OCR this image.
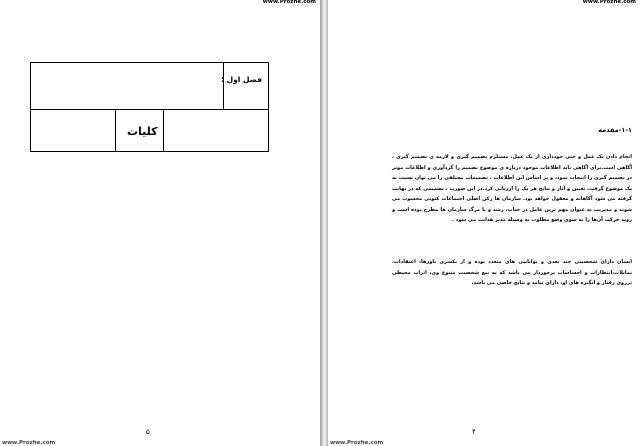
www.Prozhe.com
فصل اول :
کلیات
۵
www.Prozhe.com
www.Prozhe.com
۱-۱-مقدمه
انجام دادن یک عمل و حتی خودداری از یک عمل، مستلزم تصمیم گیری و لازمه ی تصمیم گیری ، آگاهی است.برای آگاهی باید اطلاعات موجود درباره ی موضوع تصمیم را گردآوری و اطلاعات موثر در تصمیم گیری را انتخاب نمود، و بر اساس این اطلاعات ، تصمیمات مختلفی را می توان نسبت به یک موضوع گرفت، تعیین و آثار و نتایج هر یک را ارزیابی کرد.در این صورت ، تصمیمی که در نهایت گرفته می شود آگاهانه و معقول خواهد بود. سازمان ها رکن اصلی اجتماعات کنونی محسوب می شوند و مدیریت به عنوان مهم ترین عامل در حیات، رشد و یا مرگ سازمان ها مطرح بوده است و روند حرکت آن‌ها را به سوی وضع مطلوب به وسیله مدیر هدایت می شود .
انسان دارای شخصیتی چند بعدی و تواناییی های متعدد بوده و از یکسری باورها، اعتقادات، تمایلات،انتظارات و احساسات برخوردار می باشد که به تبع شخصیت متنوع وی، اثرات محیطی برروی رفتار و انگیزه های او، دارای پیامد و نتایج خاصی می باشد.
۴
www.Prozhe.com
